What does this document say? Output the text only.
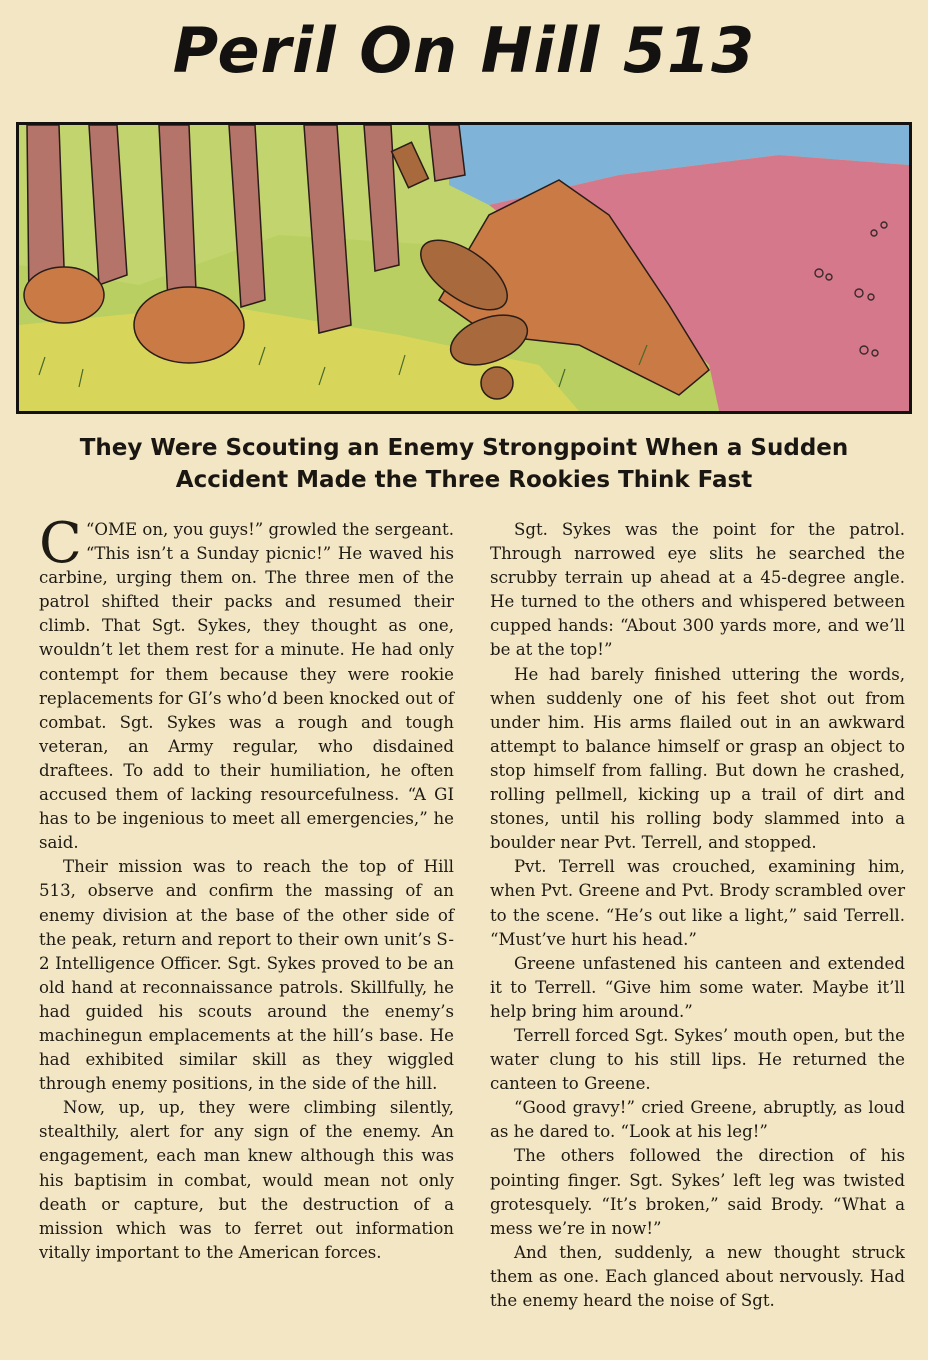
Peril On Hill 513
They Were Scouting an Enemy Strongpoint When a Sudden
Accident Made the Three Rookies Think Fast

“
C OME on, you guys!” growled the sergeant. “This isn’t a Sunday picnic!” He waved his carbine, urging them on. The three men of the patrol shifted their packs and resumed their climb. That Sgt. Sykes, they thought as one, wouldn’t let them rest for a minute. He had only contempt for them because they were rookie replacements for GI’s who’d been knocked out of combat. Sgt. Sykes was a rough and tough veteran, an Army regular, who disdained draftees. To add to their humiliation, he often accused them of lacking resourcefulness. “A GI has to be ingenious to meet all emergencies,” he said.

Their mission was to reach the top of Hill 513, observe and confirm the massing of an enemy division at the base of the other side of the peak, return and report to their own unit’s S-2 Intelligence Officer. Sgt. Sykes proved to be an old hand at reconnaissance patrols. Skillfully, he had guided his scouts around the enemy’s machinegun emplacements at the hill’s base. He had exhibited similar skill as they wiggled through enemy positions, in the side of the hill.

Now, up, up, they were climbing silently, stealthily, alert for any sign of the enemy. An engagement, each man knew although this was his baptisim in combat, would mean not only death or capture, but the destruction of a mission which was to ferret out information vitally important to the American forces.

Sgt. Sykes was the point for the patrol. Through narrowed eye slits he searched the scrubby terrain up ahead at a 45-degree angle. He turned to the others and whispered between cupped hands: “About 300 yards more, and we’ll be at the top!”

He had barely finished uttering the words, when suddenly one of his feet shot out from under him. His arms flailed out in an awkward attempt to balance himself or grasp an object to stop himself from falling. But down he crashed, rolling pellmell, kicking up a trail of dirt and stones, until his rolling body slammed into a boulder near Pvt. Terrell, and stopped.

Pvt. Terrell was crouched, examining him, when Pvt. Greene and Pvt. Brody scrambled over to the scene. “He’s out like a light,” said Terrell. “Must’ve hurt his head.”

Greene unfastened his canteen and extended it to Terrell. “Give him some water. Maybe it’ll help bring him around.”

Terrell forced Sgt. Sykes’ mouth open, but the water clung to his still lips. He returned the canteen to Greene.

“Good gravy!” cried Greene, abruptly, as loud as he dared to. “Look at his leg!”

The others followed the direction of his pointing finger. Sgt. Sykes’ left leg was twisted grotesquely. “It’s broken,” said Brody. “What a mess we’re in now!”

And then, suddenly, a new thought struck them as one. Each glanced about nervously. Had the enemy heard the noise of Sgt.
